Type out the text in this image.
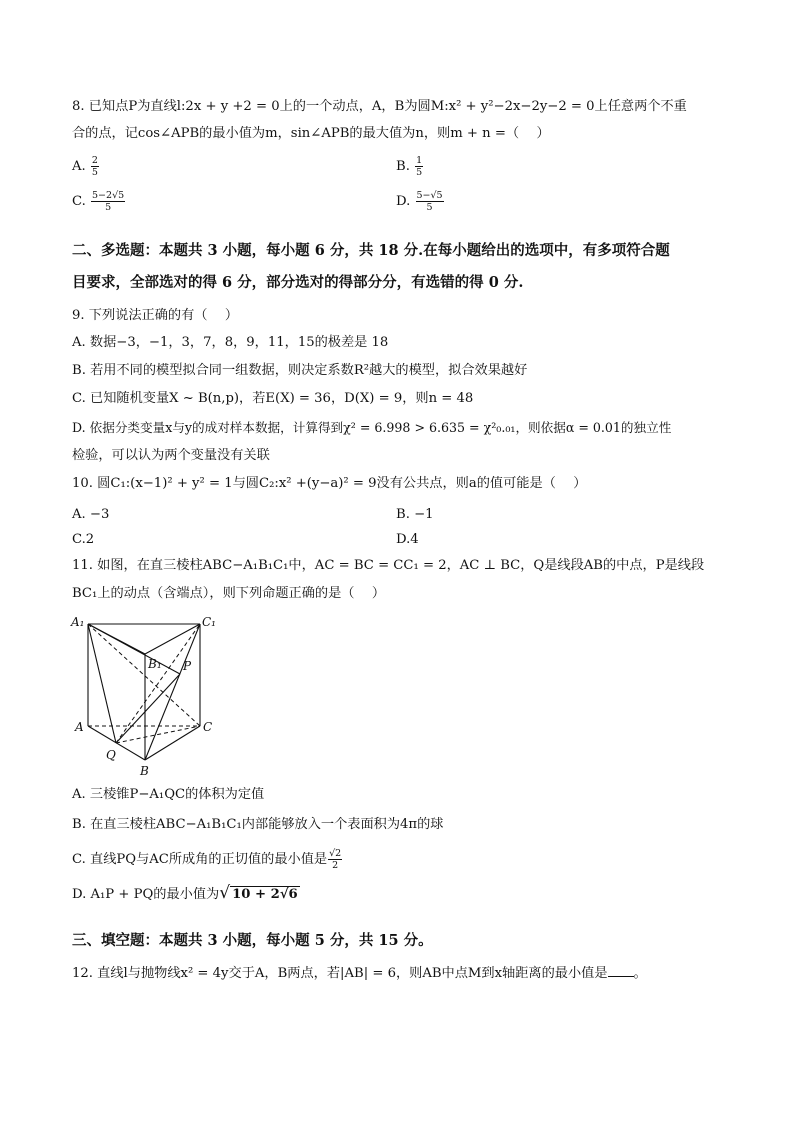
8. 已知点P为直线l:2x + y +2 = 0上的一个动点，A，B为圆M:x² + y²−2x−2y−2 = 0上任意两个不重
合的点，记cos∠APB的最小值为m，sin∠APB的最大值为n，则m + n =（　 ）
A. $\frac{2}{5}$	B. $\frac{1}{5}$
C. $\frac{5-2√5}{5}$	D. $\frac{5-√5}{5}$
二、多选题：本题共 3 小题，每小题 6 分，共 18 分.在每小题给出的选项中，有多项符合题
目要求，全部选对的得 6 分，部分选对的得部分分，有选错的得 0 分.
9. 下列说法正确的有（　 ）
A. 数据−3，−1，3，7，8，9，11，15的极差是 18
B. 若用不同的模型拟合同一组数据，则决定系数R²越大的模型，拟合效果越好
C. 已知随机变量X ~ B(n,p)，若E(X) = 36，D(X) = 9，则n = 48
D. 依据分类变量x与y的成对样本数据，计算得到χ² = 6.998 > 6.635 = χ²₀.₀₁，则依据α = 0.01的独立性
检验，可以认为两个变量没有关联
10. 圆C₁:(x−1)² + y² = 1与圆C₂:x² +(y−a)² = 9没有公共点，则a的值可能是（　 ）
A. −3	B. −1
C.2	D.4
11. 如图，在直三棱柱ABC−A₁B₁C₁中，AC = BC = CC₁ = 2，AC ⊥ BC，Q是线段AB的中点，P是线段
BC₁上的动点（含端点），则下列命题正确的是（　 ）
A₁	C₁
B₁ P
A	C
Q
B
A. 三棱锥P−A₁QC的体积为定值
B. 在直三棱柱ABC−A₁B₁C₁内部能够放入一个表面积为4π的球
C. 直线PQ与AC所成角的正切值的最小值是 $\frac{√2}{2}$
D. A₁P + PQ的最小值为√ 10 + 2√6
三、填空题：本题共 3 小题，每小题 5 分，共 15 分。
12. 直线l与抛物线x² = 4y交于A，B两点，若|AB| = 6，则AB中点M到x轴距离的最小值是 。
